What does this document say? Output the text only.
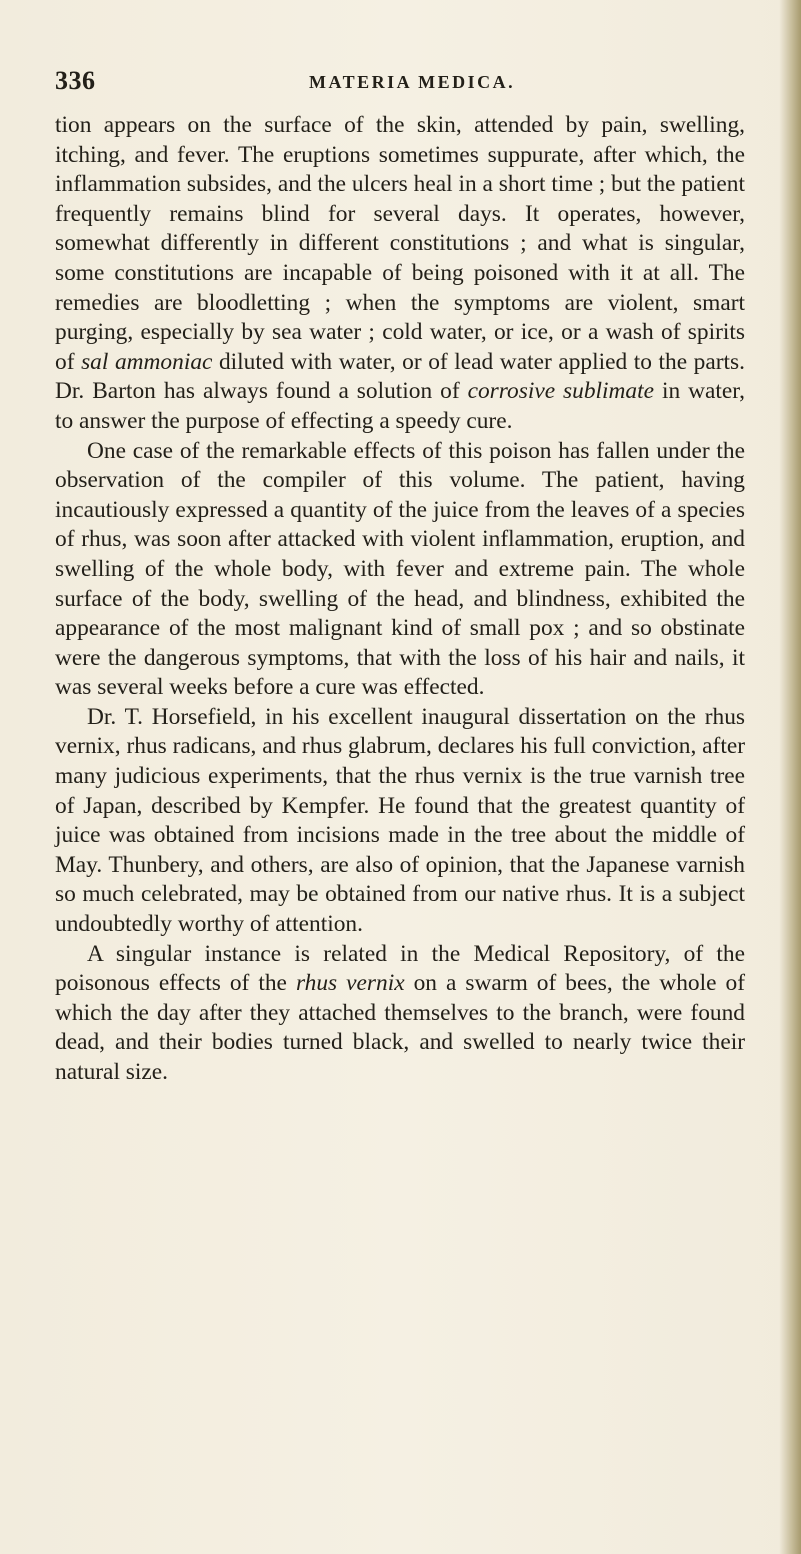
336	MATERIA MEDICA.

tion appears on the surface of the skin, attended by pain, swelling, itching, and fever. The eruptions sometimes suppurate, after which, the inflammation subsides, and the ulcers heal in a short time ; but the patient frequently remains blind for several days. It operates, however, somewhat differently in different constitutions ; and what is singular, some constitutions are incapable of being poisoned with it at all. The remedies are bloodletting ; when the symptoms are violent, smart purging, especially by sea water ; cold water, or ice, or a wash of spirits of sal ammoniac diluted with water, or of lead water applied to the parts. Dr. Barton has always found a solution of corrosive sublimate in water, to answer the purpose of effecting a speedy cure.

One case of the remarkable effects of this poison has fallen under the observation of the compiler of this volume. The patient, having incautiously expressed a quantity of the juice from the leaves of a species of rhus, was soon after attacked with violent inflammation, eruption, and swelling of the whole body, with fever and extreme pain. The whole surface of the body, swelling of the head, and blindness, exhibited the appearance of the most malignant kind of small pox ; and so obstinate were the dangerous symptoms, that with the loss of his hair and nails, it was several weeks before a cure was effected.

Dr. T. Horsefield, in his excellent inaugural dissertation on the rhus vernix, rhus radicans, and rhus glabrum, declares his full conviction, after many judicious experiments, that the rhus vernix is the true varnish tree of Japan, described by Kempfer. He found that the greatest quantity of juice was obtained from incisions made in the tree about the middle of May. Thunbery, and others, are also of opinion, that the Japanese varnish so much celebrated, may be obtained from our native rhus. It is a subject undoubtedly worthy of attention.

A singular instance is related in the Medical Repository, of the poisonous effects of the rhus vernix on a swarm of bees, the whole of which the day after they attached themselves to the branch, were found dead, and their bodies turned black, and swelled to nearly twice their natural size.
